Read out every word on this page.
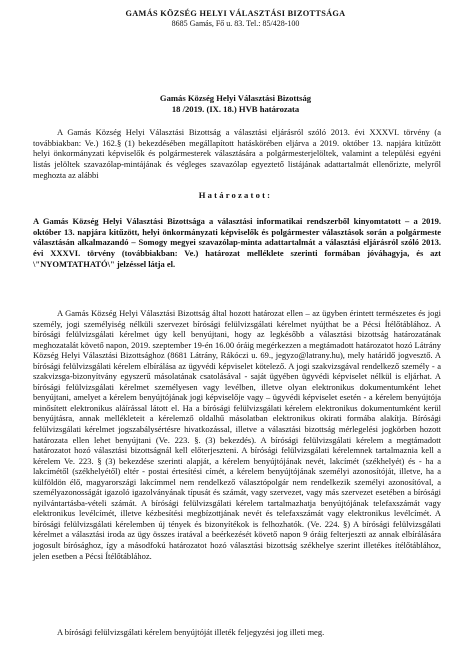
GAMÁS KÖZSÉG HELYI VÁLASZTÁSI BIZOTTSÁGA
8685 Gamás, Fő u. 83. Tel.: 85/428-100
Gamás Község Helyi Választási Bizottság
18 /2019. (IX. 18.) HVB határozata
A Gamás Község Helyi Választási Bizottság a választási eljárásról szóló 2013. évi XXXVI. törvény (a továbbiakban: Ve.) 162.§ (1) bekezdésében megállapított hatáskörében eljárva a 2019. október 13. napjára kitűzött helyi önkormányzati képviselők és polgármesterek választására a polgármesterjelöltek, valamint a települési egyéni listás jelöltek szavazólap-mintájának és végleges szavazólap egyeztető listájának adattartalmát ellenőrizte, melyről meghozta az alábbi
Határozatot:
A Gamás Község Helyi Választási Bizottsága a választási informatikai rendszerből kinyomtatott – a 2019. október 13. napjára kitűzött, helyi önkormányzati képviselők és polgármester választások során a polgármeste választásán alkalmazandó – Somogy megyei szavazólap-minta adattartalmát a választási eljárásról szóló 2013. évi XXXVI. törvény (továbbiakban: Ve.) határozat melléklete szerinti formában jóváhagyja, és azt \"NYOMTATHATÓ\" jelzéssel látja el.
A Gamás Község Helyi Választási Bizottság által hozott határozat ellen – az ügyben érintett természetes és jogi személy, jogi személyiség nélküli szervezet bírósági felülvizsgálati kérelmet nyújthat be a Pécsi Ítélőtáblához. A bírósági felülvizsgálati kérelmet úgy kell benyújtani, hogy az legkésőbb a választási bizottság határozatának meghozatalát követő napon, 2019. szeptember 19-én 16.00 óráig megérkezzen a megtámadott határozatot hozó Látrány Község Helyi Választási Bizottsághoz (8681 Látrány, Rákóczi u. 69., jegyzo@latrany.hu), mely határidő jogvesztő. A bírósági felülvizsgálati kérelem elbírálása az ügyvédi képviselet kötelező. A jogi szakvizsgával rendelkező személy - a szakvizsga-bizonyítvány egyszerű másolatának csatolásával - saját ügyében ügyvédi képviselet nélkül is eljárhat. A bírósági felülvizsgálati kérelmet személyesen vagy levélben, illetve olyan elektronikus dokumentumként lehet benyújtani, amelyet a kérelem benyújtójának jogi képviselője vagy – ügyvédi képviselet esetén - a kérelem benyújtója minősített elektronikus aláírással látott el. Ha a bírósági felülvizsgálati kérelem elektronikus dokumentumként kerül benyújtásra, annak mellékleteit a kérelemző oldalhű másolatban elektronikus okirati formába alakítja. Bírósági felülvizsgálati kérelmet jogszabálysértésre hivatkozással, illetve a választási bizottság mérlegelési jogkörben hozott határozata ellen lehet benyújtani (Ve. 223. §. (3) bekezdés). A bírósági felülvizsgálati kérelem a megtámadott határozatot hozó választási bizottságnál kell előterjeszteni. A bírósági felülvizsgálati kérelemnek tartalmaznia kell a kérelem Ve. 223. § (3) bekezdése szerinti alapját, a kérelem benyújtójának nevét, lakcímét (székhelyét) és - ha a lakcímétől (székhelyétől) eltér - postai értesítési címét, a kérelem benyújtójának személyi azonosítóját, illetve, ha a külföldön élő, magyarországi lakcímmel nem rendelkező választópolgár nem rendelkezik személyi azonosítóval, a személyazonosságát igazoló igazolványának típusát és számát, vagy szervezet, vagy más szervezet esetében a bírósági nyilvántartásba-vételi számát. A bírósági felülvizsgálati kérelem tartalmazhatja benyújtójának telefaxszámát vagy elektronikus levélcímét, illetve kézbesítési megbízottjának nevét és telefaxszámát vagy elektronikus levélcímét. A bírósági felülvizsgálati kérelemben új tények és bizonyítékok is felhozhatók. (Ve. 224. §) A bírósági felülvizsgálati kérelmet a választási iroda az ügy összes iratával a beérkezését követő napon 9 óráig felterjeszti az annak elbírálására jogosult bírósághoz, így a másodfokú határozatot hozó választási bizottság székhelye szerint illetékes ítélőtáblához, jelen esetben a Pécsi Ítélőtáblához.
A bírósági felülvizsgálati kérelem benyújtóját illeték feljegyzési jog illeti meg.
